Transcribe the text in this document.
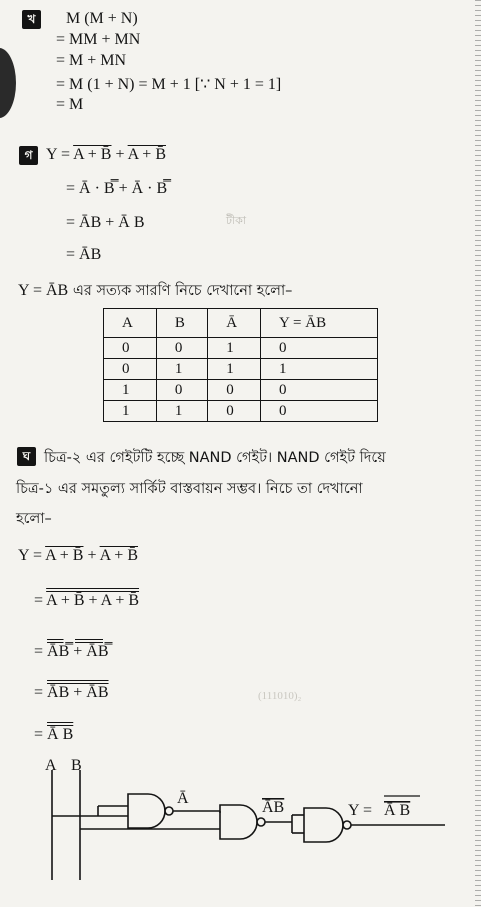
খ	M (M + N)
= MM + MN
= M + MN
= M (1 + N) = M + 1 [∵ N + 1 = 1]
= M
গ Y = A + B̄ + A + B̄
= Ā · B̿ + Ā · B̿
= ĀB + Ā B
= ĀB
Y = ĀB এর সত্যক সারণি নিচে দেখানো হলো–
A	B	Ā	Y = ĀB
0	0	1	0
0	1	1	1
1	0	0	0
1	1	0	0
ঘ চিত্র-২ এর গেইটটি হচ্ছে NAND গেইট। NAND গেইট দিয়ে
চিত্র-১ এর সমতুল্য সার্কিট বাস্তবায়ন সম্ভব। নিচে তা দেখানো
হলো–
Y = A + B̄ + A + B̄
= A + B̄ + A + B̄
= ĀB̿ + ĀB̿
= ĀB + ĀB
= Ā B
A B
Ā
ĀB	Y = Ā B
টীকা
(111010)₂
